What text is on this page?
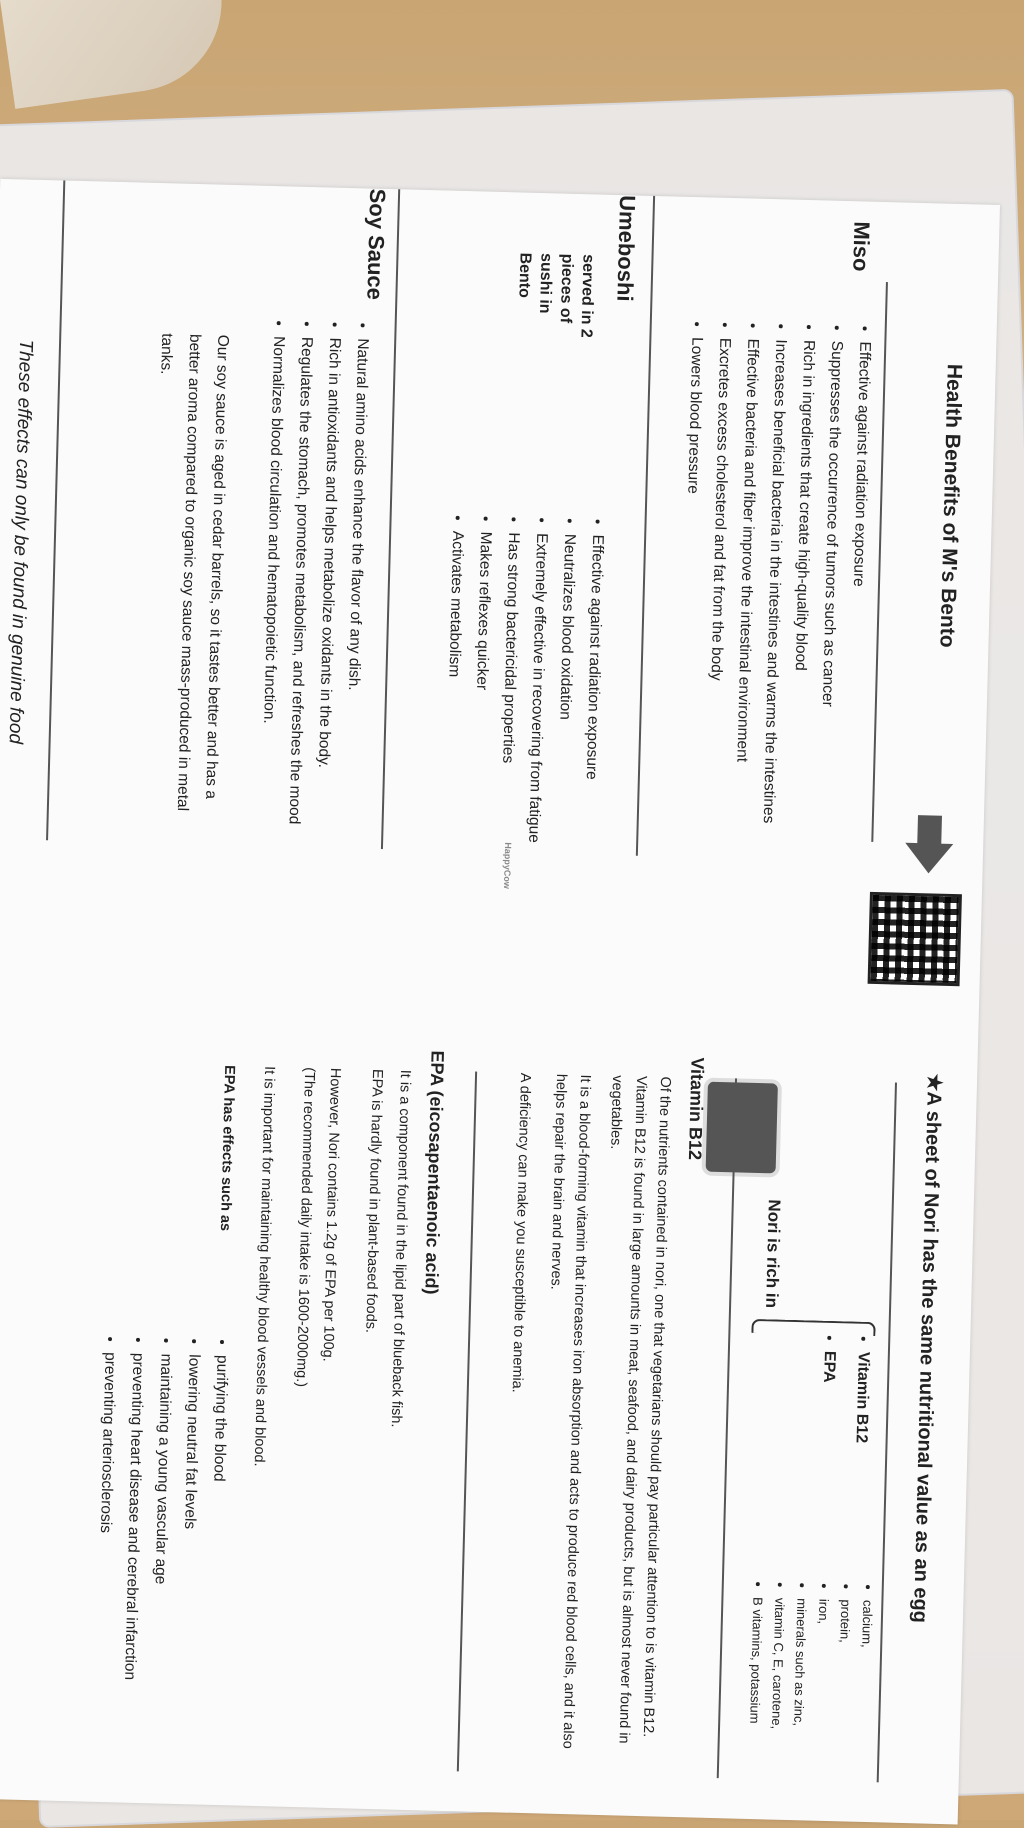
Health Benefits of M's Bento
Miso
• Effective against radiation exposure
• Suppresses the occurrence of tumors such as cancer
• Rich in ingredients that create high-quality blood
• Increases beneficial bacteria in the intestines and warms the intestines
• Effective bacteria and fiber improve the intestinal environment
• Excretes excess cholesterol and fat from the body
• Lowers blood pressure
Umeboshi
served in 2 pieces of sushi in Bento
• Effective against radiation exposure
• Neutralizes blood oxidation
• Extremely effective in recovering from fatigue
• Has strong bactericidal properties
• Makes reflexes quicker
• Activates metabolism
HappyCow
Soy Sauce
• Natural amino acids enhance the flavor of any dish.
• Rich in antioxidants and helps metabolize oxidants in the body.
• Regulates the stomach, promotes metabolism, and refreshes the mood
• Normalizes blood circulation and hematopoietic function.
Our soy sauce is aged in cedar barrels, so it tastes better and has a better aroma compared to organic soy sauce mass-produced in metal tanks.
These effects can only be found in genuine food
★A sheet of Nori has the same nutritional value as an egg
Nori is rich in
• Vitamin B12
• EPA
• calcium,
• protein,
• iron,
• minerals such as zinc,
• vitamin C, E, carotene,
• B vitamins, potassium
Vitamin B12
Of the nutrients contained in nori, one that vegetarians should pay particular attention to is vitamin B12. Vitamin B12 is found in large amounts in meat, seafood, and dairy products, but is almost never found in vegetables.
It is a blood-forming vitamin that increases iron absorption and acts to produce red blood cells, and it also helps repair the brain and nerves.
A deficiency can make you susceptible to anemia.
EPA (eicosapentaenoic acid)
It is a component found in the lipid part of blueback fish.
EPA is hardly found in plant-based foods.
However, Nori contains 1.2g of EPA per 100g.
(The recommended daily intake is 1600-2000mg.)
It is important for maintaining healthy blood vessels and blood.
EPA has effects such as
• purifying the blood
• lowering neutral fat levels
• maintaining a young vascular age
• preventing heart disease and cerebral infarction
• preventing arteriosclerosis
